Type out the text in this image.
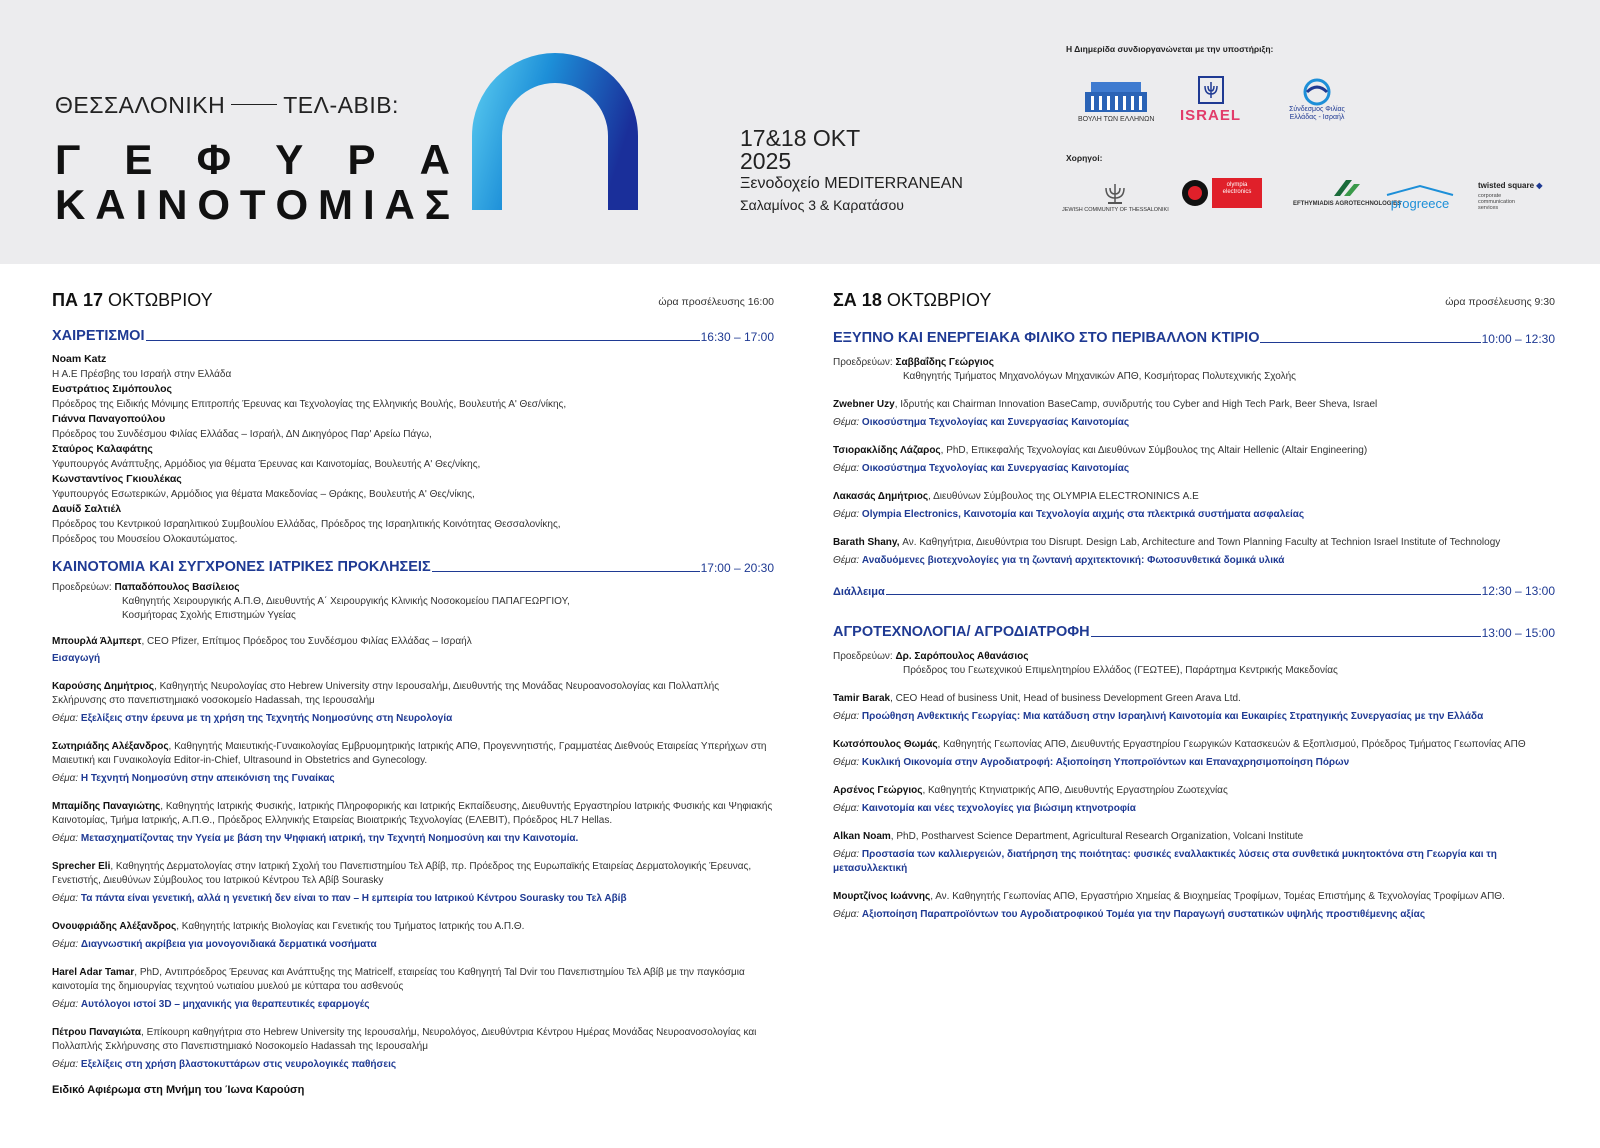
ΘΕΣΣΑΛΟΝΙΚΗ	ΤΕΛ-ΑΒΙΒ:
Γ Ε Φ Υ Ρ Α
Κ Α Ι Ν Ο Τ Ο Μ Ι Α Σ
17&18 ΟΚΤ
2025
Ξενοδοχείο MEDITERRANEAN
Σαλαμίνος 3 & Καρατάσου
Η Διημερίδα συνδιοργανώνεται με την υποστήριξη:
ΒΟΥΛΗ ΤΩΝ ΕΛΛΗΝΩΝ ISRAEL	Σύνδεσμος Φιλίας Ελλάδας - Ισραήλ
Χορηγοί:
JEWISH COMMUNITY OF THESSALONIKI
olympia electronics
EFTHYMIADIS AGROTECHNOLOGIES
progreece
twisted square ◆
corporate communication services
ΠΑ 17 ΟΚΤΩΒΡΙΟΥ	ώρα προσέλευσης 16:00
ΧΑΙΡΕΤΙΣΜΟΙ	16:30 – 17:00
Noam Katz
Η Α.Ε Πρέσβης του Ισραήλ στην Ελλάδα
Ευστράτιος Σιμόπουλος
Πρόεδρος της Ειδικής Μόνιμης Επιτροπής Έρευνας και Τεχνολογίας της Ελληνικής Βουλής, Βουλευτής Α' Θεσ/νίκης,
Γιάννα Παναγοπούλου
Πρόεδρος του Συνδέσμου Φιλίας Ελλάδας – Ισραήλ, ΔΝ Δικηγόρος Παρ' Αρείω Πάγω,
Σταύρος Καλαφάτης
Υφυπουργός Ανάπτυξης, Αρμόδιος για θέματα Έρευνας και Καινοτομίας, Βουλευτής Α' Θες/νίκης,
Κωνσταντίνος Γκιουλέκας
Υφυπουργός Εσωτερικών, Αρμόδιος για θέματα Μακεδονίας – Θράκης, Βουλευτής Α' Θες/νίκης,
Δαυίδ Σαλτιέλ
Πρόεδρος του Κεντρικού Ισραηλιτικού Συμβουλίου Ελλάδας, Πρόεδρος της Ισραηλιτικής Κοινότητας Θεσσαλονίκης,
Πρόεδρος του Μουσείου Ολοκαυτώματος.
ΚΑΙΝΟΤΟΜΙΑ ΚΑΙ ΣΥΓΧΡΟΝΕΣ ΙΑΤΡΙΚΕΣ ΠΡΟΚΛΗΣΕΙΣ	17:00 – 20:30
Προεδρεύων: Παπαδόπουλος Βασίλειος
Καθηγητής Χειρουργικής Α.Π.Θ, Διευθυντής Α΄ Χειρουργικής Κλινικής Νοσοκομείου ΠΑΠΑΓΕΩΡΓΙΟΥ,
Κοσμήτορας Σχολής Επιστημών Υγείας
Μπουρλά Άλμπερτ, CEO Pfizer, Επίτιμος Πρόεδρος του Συνδέσμου Φιλίας Ελλάδας – Ισραήλ
Εισαγωγή
Καρούσης Δημήτριος, Καθηγητής Νευρολογίας στο Hebrew University στην Ιερουσαλήμ, Διευθυντής της Μονάδας Νευροανοσολογίας και Πολλαπλής Σκλήρυνσης στο πανεπιστημιακό νοσοκομείο Hadassah, της Ιερουσαλήμ
Θέμα: Εξελίξεις στην έρευνα με τη χρήση της Τεχνητής Νοημοσύνης στη Νευρολογία
Σωτηριάδης Αλέξανδρος, Καθηγητής Μαιευτικής-Γυναικολογίας Εμβρυομητρικής Ιατρικής ΑΠΘ, Προγεννητιστής, Γραμματέας Διεθνούς Εταιρείας Υπερήχων στη Μαιευτική και Γυναικολογία Editor-in-Chief, Ultrasound in Obstetrics and Gynecology.
Θέμα: Η Τεχνητή Νοημοσύνη στην απεικόνιση της Γυναίκας
Μπαμίδης Παναγιώτης, Καθηγητής Ιατρικής Φυσικής, Ιατρικής Πληροφορικής και Ιατρικής Εκπαίδευσης, Διευθυντής Εργαστηρίου Ιατρικής Φυσικής και Ψηφιακής Καινοτομίας, Τμήμα Ιατρικής, Α.Π.Θ., Πρόεδρος Ελληνικής Εταιρείας Βιοιατρικής Τεχνολογίας (ΕΛΕΒΙΤ), Πρόεδρος HL7 Hellas.
Θέμα: Μετασχηματίζοντας την Υγεία με βάση την Ψηφιακή ιατρική, την Τεχνητή Νοημοσύνη και την Καινοτομία.
Sprecher Eli, Καθηγητής Δερματολογίας στην Ιατρική Σχολή του Πανεπιστημίου Τελ Αβίβ, πρ. Πρόεδρος της Ευρωπαϊκής Εταιρείας Δερματολογικής Έρευνας, Γενετιστής, Διευθύνων Σύμβουλος του Ιατρικού Κέντρου Τελ Αβίβ Sourasky
Θέμα: Τα πάντα είναι γενετική, αλλά η γενετική δεν είναι το παν – Η εμπειρία του Ιατρικού Κέντρου Sourasky του Τελ Αβίβ
Ονουφριάδης Αλέξανδρος, Καθηγητής Ιατρικής Βιολογίας και Γενετικής του Τμήματος Ιατρικής του Α.Π.Θ.
Θέμα: Διαγνωστική ακρίβεια για μονογονιδιακά δερματικά νοσήματα
Harel Adar Tamar, PhD, Αντιπρόεδρος Έρευνας και Ανάπτυξης της Matricelf, εταιρείας του Καθηγητή Tal Dvir του Πανεπιστημίου Τελ Αβίβ με την παγκόσμια καινοτομία της δημιουργίας τεχνητού νωτιαίου μυελού με κύτταρα του ασθενούς
Θέμα: Αυτόλογοι ιστοί 3D – μηχανικής για θεραπευτικές εφαρμογές
Πέτρου Παναγιώτα, Επίκουρη καθηγήτρια στο Hebrew University της Ιερουσαλήμ, Νευρολόγος, Διευθύντρια Κέντρου Ημέρας Μονάδας Νευροανοσολογίας και Πολλαπλής Σκλήρυνσης στο Πανεπιστημιακό Νοσοκομείο Hadassah της Ιερουσαλήμ
Θέμα: Εξελίξεις στη χρήση βλαστοκυττάρων στις νευρολογικές παθήσεις
Ειδικό Αφιέρωμα στη Μνήμη του Ίωνα Καρούση
ΣΑ 18 ΟΚΤΩΒΡΙΟΥ	ώρα προσέλευσης 9:30
ΕΞΥΠΝΟ ΚΑΙ ΕΝΕΡΓΕΙΑΚΑ ΦΙΛΙΚΟ ΣΤΟ ΠΕΡΙΒΑΛΛΟΝ ΚΤΙΡΙΟ	10:00 – 12:30
Προεδρεύων: Σαββαΐδης Γεώργιος
Καθηγητής Τμήματος Μηχανολόγων Μηχανικών ΑΠΘ, Κοσμήτορας Πολυτεχνικής Σχολής
Zwebner Uzy, Ιδρυτής και Chairman Innovation BaseCamp, συνιδρυτής του Cyber and High Tech Park, Beer Sheva, Israel
Θέμα: Οικοσύστημα Τεχνολογίας και Συνεργασίας Καινοτομίας
Τσιορακλίδης Λάζαρος, PhD, Επικεφαλής Τεχνολογίας και Διευθύνων Σύμβουλος της Altair Hellenic (Altair Engineering)
Θέμα: Οικοσύστημα Τεχνολογίας και Συνεργασίας Καινοτομίας
Λακασάς Δημήτριος, Διευθύνων Σύμβουλος της OLYMPIA ELECTRONINICS Α.Ε
Θέμα: Olympia Electronics, Καινοτομία και Τεχνολογία αιχμής στα πλεκτρικά συστήματα ασφαλείας
Barath Shany, Αν. Καθηγήτρια, Διευθύντρια του Disrupt. Design Lab, Architecture and Town Planning Faculty at Technion Israel Institute of Technology
Θέμα: Αναδυόμενες βιοτεχνολογίες για τη ζωντανή αρχιτεκτονική: Φωτοσυνθετικά δομικά υλικά
Διάλλειμα	12:30 – 13:00
ΑΓΡΟΤΕΧΝΟΛΟΓΙΑ/ ΑΓΡΟΔΙΑΤΡΟΦΗ	13:00 – 15:00
Προεδρεύων: Δρ. Σαρόπουλος Αθανάσιος
Πρόεδρος του Γεωτεχνικού Επιμελητηρίου Ελλάδος (ΓΕΩΤΕΕ), Παράρτημα Κεντρικής Μακεδονίας
Tamir Barak, CEO Head of business Unit, Head of business Development Green Arava Ltd.
Θέμα: Προώθηση Ανθεκτικής Γεωργίας: Μια κατάδυση στην Ισραηλινή Καινοτομία και Ευκαιρίες Στρατηγικής Συνεργασίας με την Ελλάδα
Κωτσόπουλος Θωμάς, Καθηγητής Γεωπονίας ΑΠΘ, Διευθυντής Εργαστηρίου Γεωργικών Κατασκευών & Εξοπλισμού, Πρόεδρος Τμήματος Γεωπονίας ΑΠΘ
Θέμα: Κυκλική Οικονομία στην Αγροδιατροφή: Αξιοποίηση Υποπροϊόντων και Επαναχρησιμοποίηση Πόρων
Αρσένος Γεώργιος, Καθηγητής Κτηνιατρικής ΑΠΘ, Διευθυντής Εργαστηρίου Ζωοτεχνίας
Θέμα: Καινοτομία και νέες τεχνολογίες για βιώσιμη κτηνοτροφία
Alkan Noam, PhD, Postharvest Science Department, Agricultural Research Organization, Volcani Institute
Θέμα: Προστασία των καλλιεργειών, διατήρηση της ποιότητας: φυσικές εναλλακτικές λύσεις στα συνθετικά μυκητοκτόνα στη Γεωργία και τη μετασυλλεκτική
Μουρτζίνος Ιωάννης, Αν. Καθηγητής Γεωπονίας ΑΠΘ, Εργαστήριο Χημείας & Βιοχημείας Τροφίμων, Τομέας Επιστήμης & Τεχνολογίας Τροφίμων ΑΠΘ.
Θέμα: Αξιοποίηση Παραπροϊόντων του Αγροδιατροφικού Τομέα για την Παραγωγή συστατικών υψηλής προστιθέμενης αξίας
